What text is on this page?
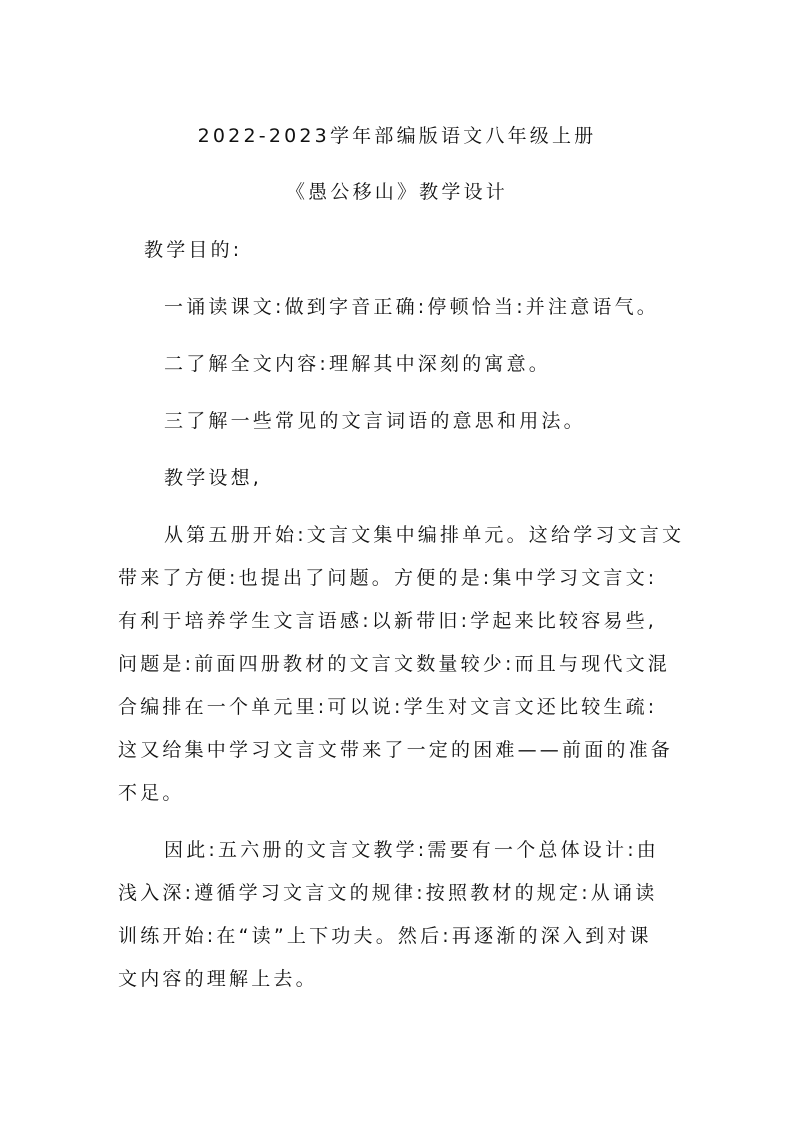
2022-2023学年部编版语文八年级上册
《愚公移山》教学设计
教学目的:
一诵读课文:做到字音正确:停顿恰当:并注意语气。
二了解全文内容:理解其中深刻的寓意。
三了解一些常见的文言词语的意思和用法。
教学设想,
从第五册开始:文言文集中编排单元。这给学习文言文
带来了方便:也提出了问题。方便的是:集中学习文言文:
有利于培养学生文言语感:以新带旧:学起来比较容易些,
问题是:前面四册教材的文言文数量较少:而且与现代文混
合编排在一个单元里:可以说:学生对文言文还比较生疏:
这又给集中学习文言文带来了一定的困难——前面的准备
不足。
因此:五六册的文言文教学:需要有一个总体设计:由
浅入深:遵循学习文言文的规律:按照教材的规定:从诵读
训练开始:在“读”上下功夫。然后:再逐渐的深入到对课
文内容的理解上去。
